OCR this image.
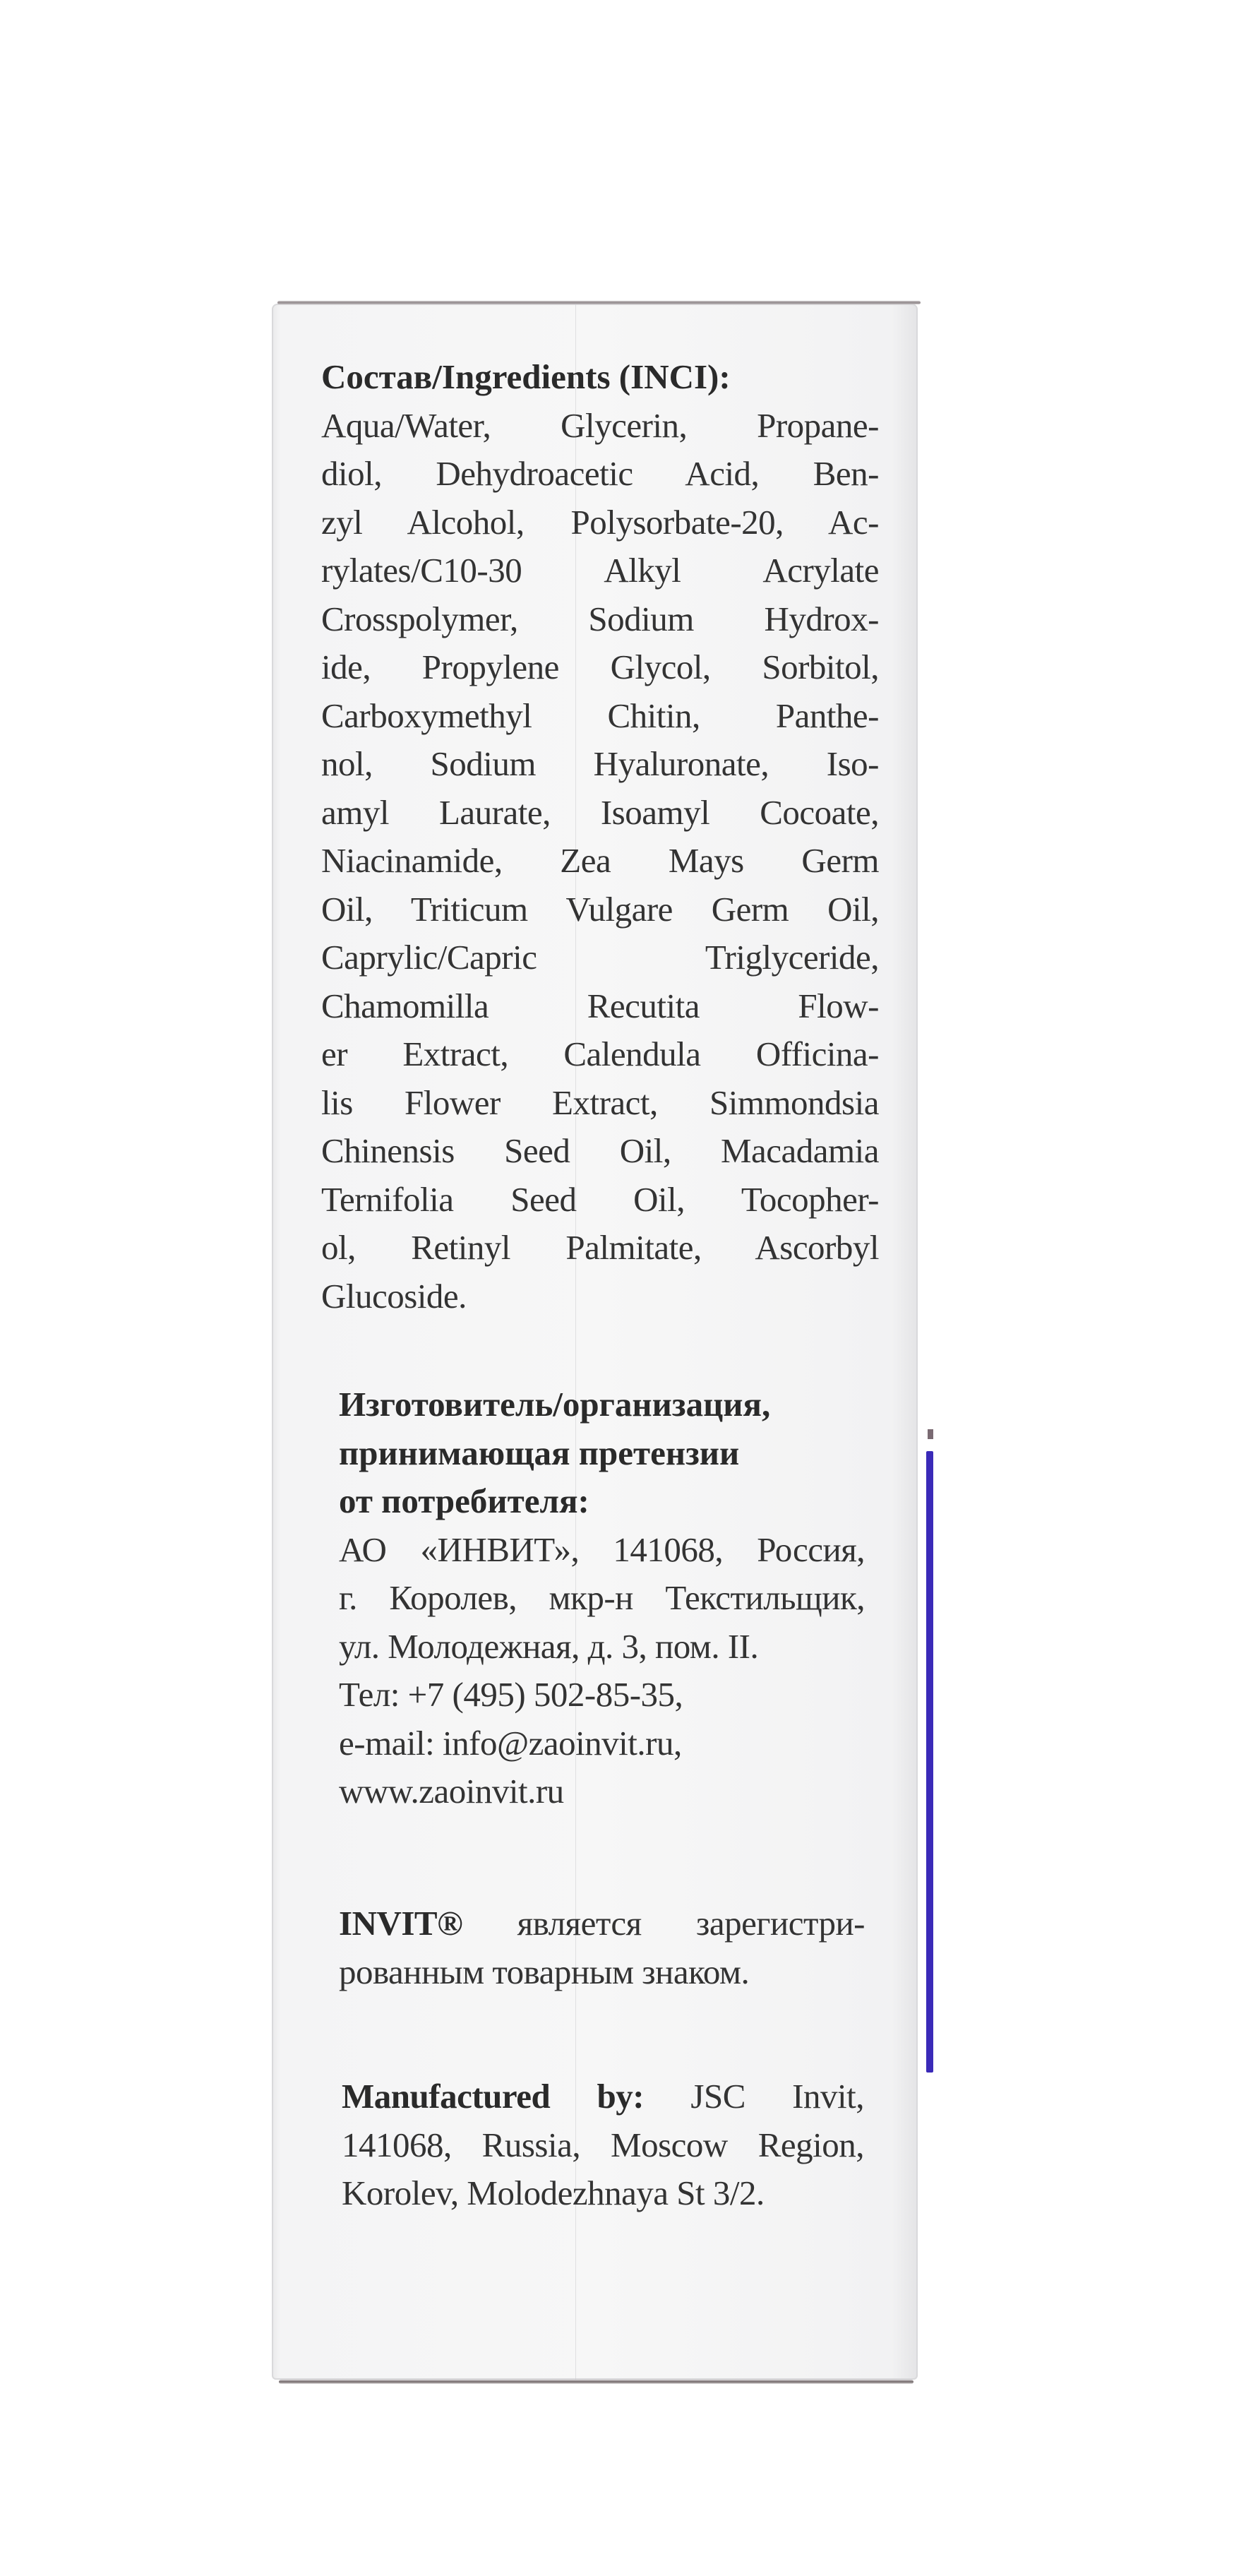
Состав/Ingredients (INCI):
Aqua/Water, Glycerin, Propane-
diol, Dehydroacetic Acid, Ben-
zyl Alcohol, Polysorbate-20, Ac-
rylates/C10-30 Alkyl Acrylate
Crosspolymer, Sodium Hydrox-
ide, Propylene Glycol, Sorbitol,
Carboxymethyl Chitin, Panthe-
nol, Sodium Hyaluronate, Iso-
amyl Laurate, Isoamyl Cocoate,
Niacinamide, Zea Mays Germ
Oil, Triticum Vulgare Germ Oil,
Caprylic/Capric Triglyceride,
Chamomilla Recutita Flow-
er Extract, Calendula Officina-
lis Flower Extract, Simmondsia
Chinensis Seed Oil, Macadamia
Ternifolia Seed Oil, Tocopher-
ol, Retinyl Palmitate, Ascorbyl
Glucoside.
Изготовитель/организация,
принимающая претензии
от потребителя:
АО «ИНВИТ», 141068, Россия,
г. Королев, мкр-н Текстильщик,
ул. Молодежная, д. 3, пом. II.
Тел: +7 (495) 502-85-35,
e-mail: info@zaoinvit.ru,
www.zaoinvit.ru
INVIT® является зарегистри-
рованным товарным знаком.
Manufactured by: JSC Invit,
141068, Russia, Moscow Region,
Korolev, Molodezhnaya St 3/2.
